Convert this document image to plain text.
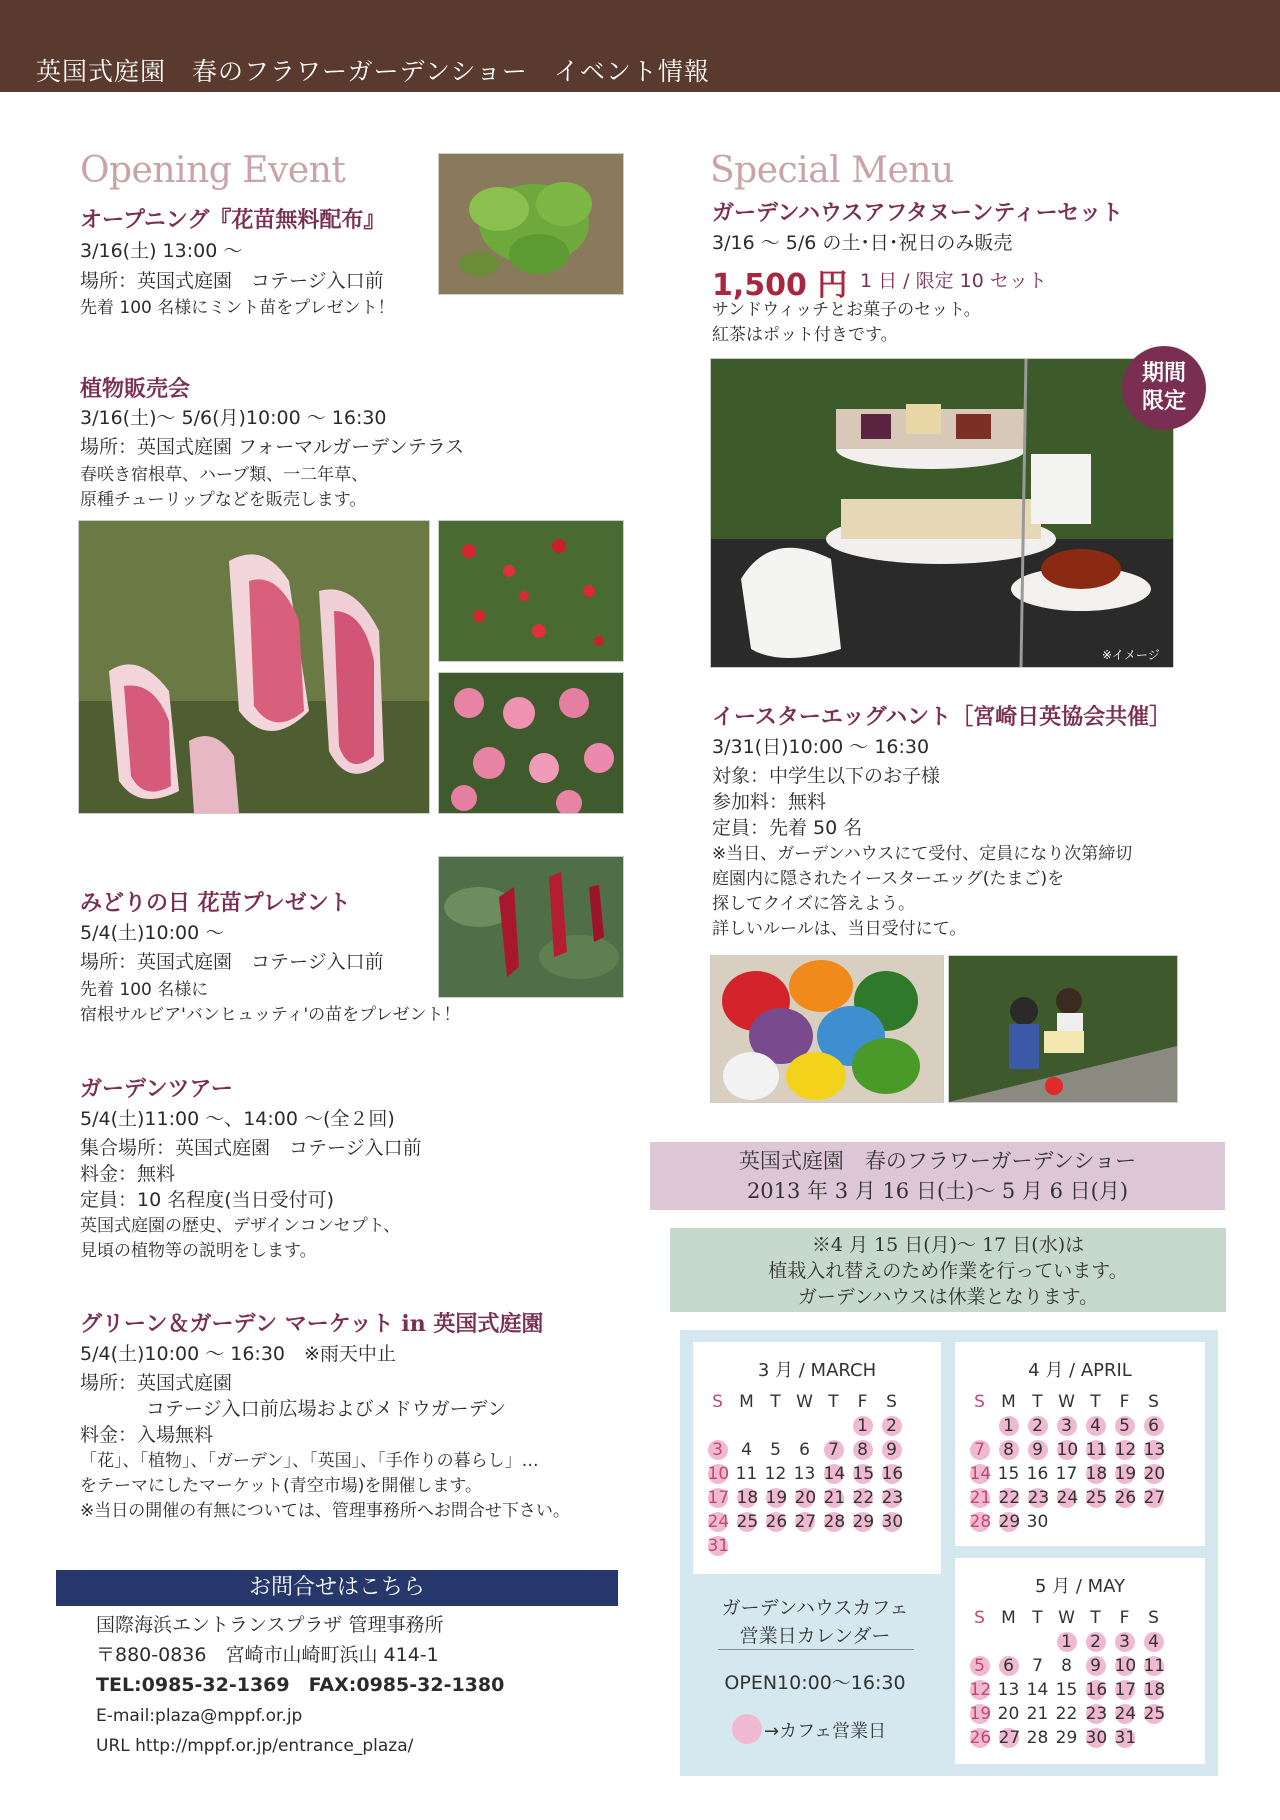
英国式庭園　春のフラワーガーデンショー　イベント情報
Opening Event
オープニング『花苗無料配布』
3/16(土) 13:00 ～
場所：英国式庭園　コテージ入口前
先着 100 名様にミント苗をプレゼント！
植物販売会
3/16(土)～ 5/6(月)10:00 ～ 16:30
場所：英国式庭園 フォーマルガーデンテラス
春咲き宿根草、ハーブ類、一二年草、
原種チューリップなどを販売します。
みどりの日 花苗プレゼント
5/4(土)10:00 ～
場所：英国式庭園　コテージ入口前
先着 100 名様に
宿根サルビア'バンヒュッティ'の苗をプレゼント！
ガーデンツアー
5/4(土)11:00 ～、14:00 ～(全２回)
集合場所：英国式庭園　コテージ入口前
料金：無料
定員：10 名程度(当日受付可)
英国式庭園の歴史、デザインコンセプト、
見頃の植物等の説明をします。
グリーン＆ガーデン マーケット in 英国式庭園
5/4(土)10:00 ～ 16:30　※雨天中止
場所：英国式庭園
コテージ入口前広場およびメドウガーデン
料金：入場無料
「花」、「植物」、「ガーデン」、「英国」、「手作りの暮らし」…
をテーマにしたマーケット(青空市場)を開催します。
※当日の開催の有無については、管理事務所へお問合せ下さい。
お問合せはこちら
国際海浜エントランスプラザ 管理事務所
〒880-0836　宮崎市山崎町浜山 414-1
TEL:0985-32-1369　FAX:0985-32-1380
E-mail:plaza@mppf.or.jp
URL http://mppf.or.jp/entrance_plaza/
Special Menu
ガーデンハウスアフタヌーンティーセット
3/16 ～ 5/6 の土･日･祝日のみ販売
1,500 円 1 日 / 限定 10 セット
サンドウィッチとお菓子のセット。
紅茶はポット付きです。
期間
限定
※イメージ
イースターエッグハント［宮崎日英協会共催］
3/31(日)10:00 ～ 16:30
対象：中学生以下のお子様
参加料：無料
定員：先着 50 名
※当日、ガーデンハウスにて受付、定員になり次第締切
庭園内に隠されたイースターエッグ(たまご)を
探してクイズに答えよう。
詳しいルールは、当日受付にて。
英国式庭園　春のフラワーガーデンショー
2013 年 3 月 16 日(土)～ 5 月 6 日(月)
※4 月 15 日(月)～ 17 日(水)は
植栽入れ替えのため作業を行っています。
ガーデンハウスは休業となります。
3 月 / MARCH
S	M	T	W	T	F	S
					1	2
3	4	5	6	7	8	9
10	11	12	13	14	15	16
17	18	19	20	21	22	23
24	25	26	27	28	29	30
31						
4 月 / APRIL
S	M	T	W	T	F	S
	1	2	3	4	5	6
7	8	9	10	11	12	13
14	15	16	17	18	19	20
21	22	23	24	25	26	27
28	29	30				
5 月 / MAY
S	M	T	W	T	F	S
			1	2	3	4
5	6	7	8	9	10	11
12	13	14	15	16	17	18
19	20	21	22	23	24	25
26	27	28	29	30	31	
ガーデンハウスカフェ
営業日カレンダー
OPEN10:00～16:30
→カフェ営業日
